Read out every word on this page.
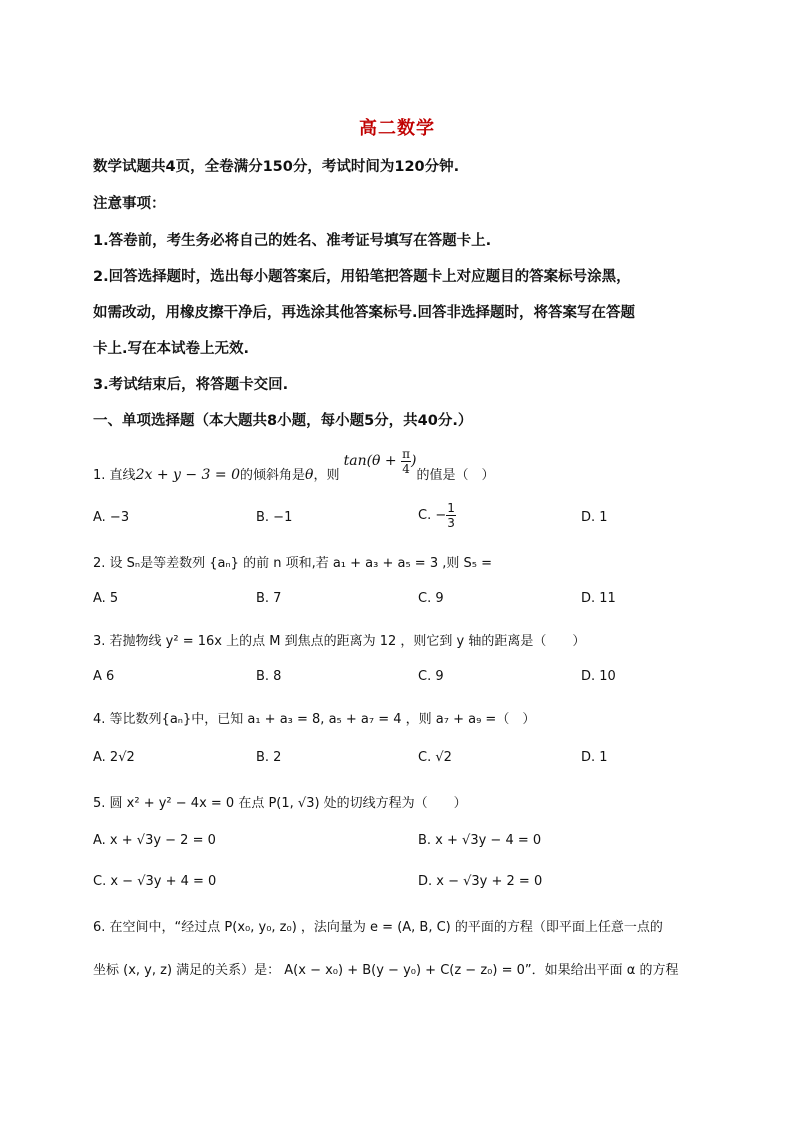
高二数学
数学试题共4页，全卷满分150分，考试时间为120分钟.
注意事项：
1.答卷前，考生务必将自己的姓名、准考证号填写在答题卡上.
2.回答选择题时，选出每小题答案后，用铅笔把答题卡上对应题目的答案标号涂黑，
如需改动，用橡皮擦干净后，再选涂其他答案标号.回答非选择题时，将答案写在答题
卡上.写在本试卷上无效.
3.考试结束后，将答题卡交回.
一、单项选择题（本大题共8小题，每小题5分，共40分.）
1. 直线2x + y − 3 = 0的倾斜角是θ，则 $\tan(\theta + \frac{\pi}{4}$ )的值是（　）
A. −3	B. −1	C. − $\frac{1}{3}$	D. 1
2. 设 Sₙ是等差数列 {aₙ} 的前 n 项和,若 a₁ + a₃ + a₅ = 3 ,则 S₅ =
A. 5	B. 7	C. 9	D. 11
3. 若抛物线 y² = 16x 上的点 M 到焦点的距离为 12 ，则它到 y 轴的距离是（　　）
A 6	B. 8	C. 9	D. 10
4. 等比数列{aₙ}中，已知 a₁ + a₃ = 8, a₅ + a₇ = 4 ，则 a₇ + a₉ =（　）
A. 2√2	B. 2	C. √2	D. 1
5. 圆 x² + y² − 4x = 0 在点 P(1, √3) 处的切线方程为（　　）
A. x + √3y − 2 = 0	B. x + √3y − 4 = 0
C. x − √3y + 4 = 0	D. x − √3y + 2 = 0
6. 在空间中，“经过点 P(x₀, y₀, z₀) ，法向量为 e = (A, B, C) 的平面的方程（即平面上任意一点的
坐标 (x, y, z) 满足的关系）是： A(x − x₀) + B(y − y₀) + C(z − z₀) = 0”．如果给出平面 α 的方程
